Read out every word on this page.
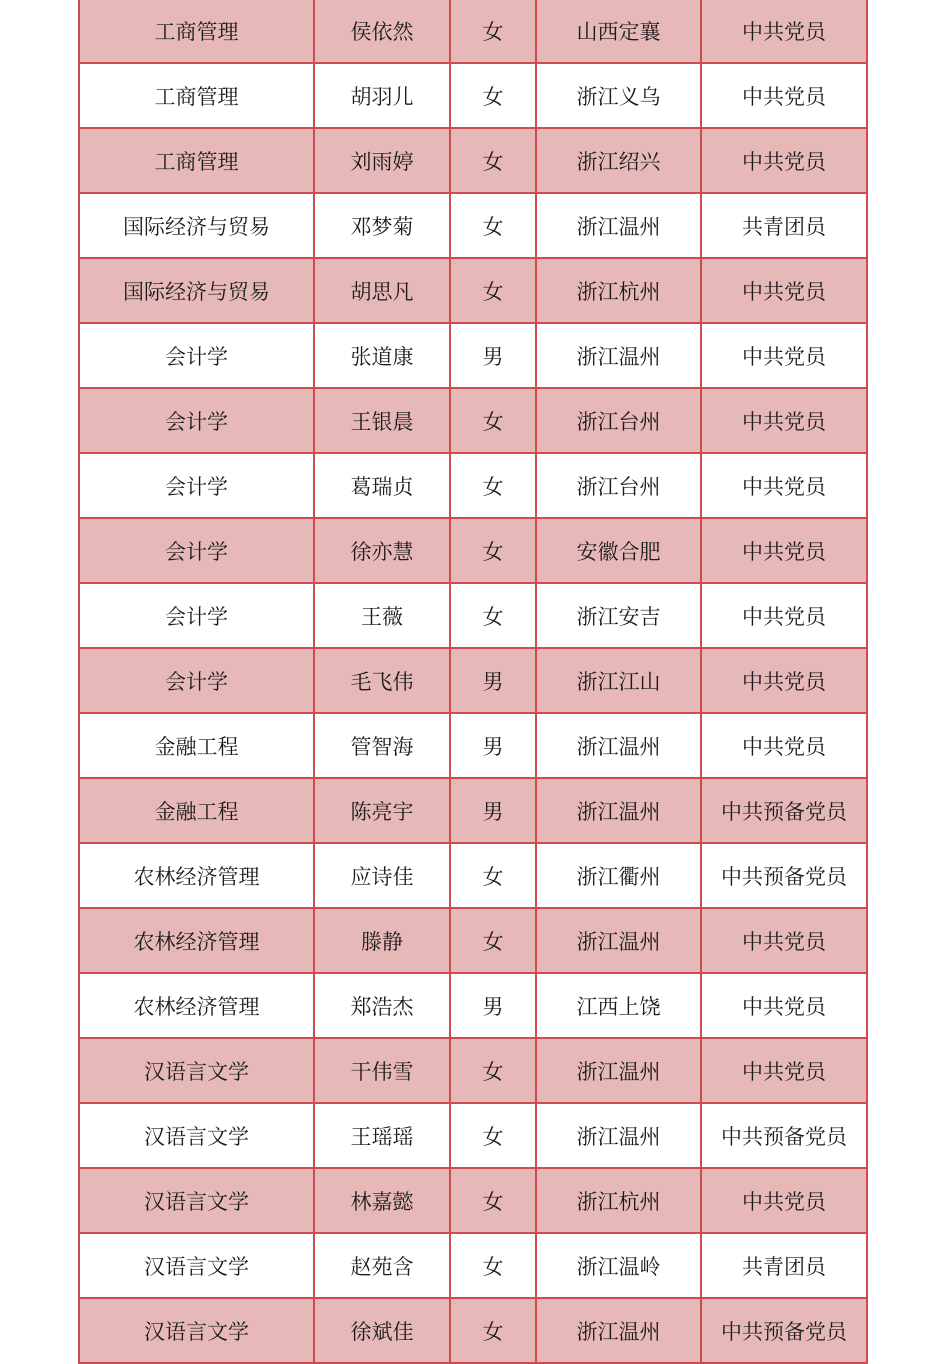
工商管理	侯依然	女	山西定襄	中共党员
工商管理	胡羽儿	女	浙江义乌	中共党员
工商管理	刘雨婷	女	浙江绍兴	中共党员
国际经济与贸易	邓梦菊	女	浙江温州	共青团员
国际经济与贸易	胡思凡	女	浙江杭州	中共党员
会计学	张道康	男	浙江温州	中共党员
会计学	王银晨	女	浙江台州	中共党员
会计学	葛瑞贞	女	浙江台州	中共党员
会计学	徐亦慧	女	安徽合肥	中共党员
会计学	王薇	女	浙江安吉	中共党员
会计学	毛飞伟	男	浙江江山	中共党员
金融工程	管智海	男	浙江温州	中共党员
金融工程	陈亮宇	男	浙江温州	中共预备党员
农林经济管理	应诗佳	女	浙江衢州	中共预备党员
农林经济管理	滕静	女	浙江温州	中共党员
农林经济管理	郑浩杰	男	江西上饶	中共党员
汉语言文学	干伟雪	女	浙江温州	中共党员
汉语言文学	王瑶瑶	女	浙江温州	中共预备党员
汉语言文学	林嘉懿	女	浙江杭州	中共党员
汉语言文学	赵苑含	女	浙江温岭	共青团员
汉语言文学	徐斌佳	女	浙江温州	中共预备党员
